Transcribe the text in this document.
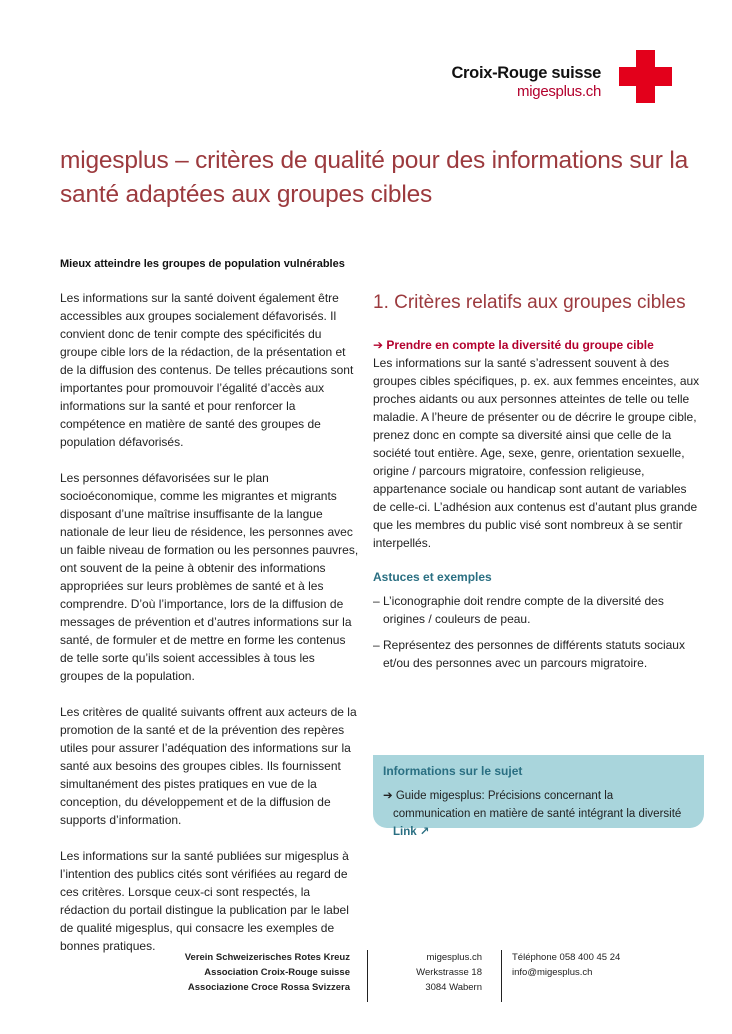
Croix-Rouge suisse
migesplus.ch
migesplus – critères de qualité pour des informations sur la santé adaptées aux groupes cibles
Mieux atteindre les groupes de population vulnérables

Les informations sur la santé doivent également être accessibles aux groupes socialement défavorisés. Il convient donc de tenir compte des spécificités du groupe cible lors de la rédaction, de la présentation et de la diffusion des contenus. De telles précautions sont importantes pour promouvoir l’égalité d’accès aux informations sur la santé et pour renforcer la compétence en matière de santé des groupes de population défavorisés.

Les personnes défavorisées sur le plan socioéconomique, comme les migrantes et migrants disposant d’une maîtrise insuffisante de la langue nationale de leur lieu de résidence, les personnes avec un faible niveau de formation ou les personnes pauvres, ont souvent de la peine à obtenir des informations appropriées sur leurs problèmes de santé et à les comprendre. D’où l’importance, lors de la diffusion de messages de prévention et d’autres informations sur la santé, de formuler et de mettre en forme les contenus de telle sorte qu’ils soient accessibles à tous les groupes de la population.

Les critères de qualité suivants offrent aux acteurs de la promotion de la santé et de la prévention des repères utiles pour assurer l’adéquation des informations sur la santé aux besoins des groupes cibles. Ils fournissent simultanément des pistes pratiques en vue de la conception, du développement et de la diffusion de supports d’information.

Les informations sur la santé publiées sur migesplus à l’intention des publics cités sont vérifiées au regard de ces critères. Lorsque ceux-ci sont respectés, la rédaction du portail distingue la publication par le label de qualité migesplus, qui consacre les exemples de bonnes pratiques.

1. Critères relatifs aux groupes cibles
➔ Prendre en compte la diversité du groupe cible

Les informations sur la santé s’adressent souvent à des groupes cibles spécifiques, p. ex. aux femmes enceintes, aux proches aidants ou aux personnes atteintes de telle ou telle maladie. A l’heure de présenter ou de décrire le groupe cible, prenez donc en compte sa diversité ainsi que celle de la société tout entière. Age, sexe, genre, orientation sexuelle, origine / parcours migratoire, confession religieuse, appartenance sociale ou handicap sont autant de variables de celle-ci. L’adhésion aux contenus est d’autant plus grande que les membres du public visé sont nombreux à se sentir interpellés.

Astuces et exemples
– L’iconographie doit rendre compte de la diversité des origines / couleurs de peau.
– Représentez des personnes de différents statuts sociaux et/ou des personnes avec un parcours migratoire.
Informations sur le sujet

➔ Guide migesplus: Précisions concernant la communication en matière de santé intégrant la diversité Link ↗

Verein Schweizerisches Rotes Kreuz
Association Croix-Rouge suisse
Associazione Croce Rossa Svizzera
migesplus.ch
Werkstrasse 18
3084 Wabern
Téléphone 058 400 45 24
info@migesplus.ch
